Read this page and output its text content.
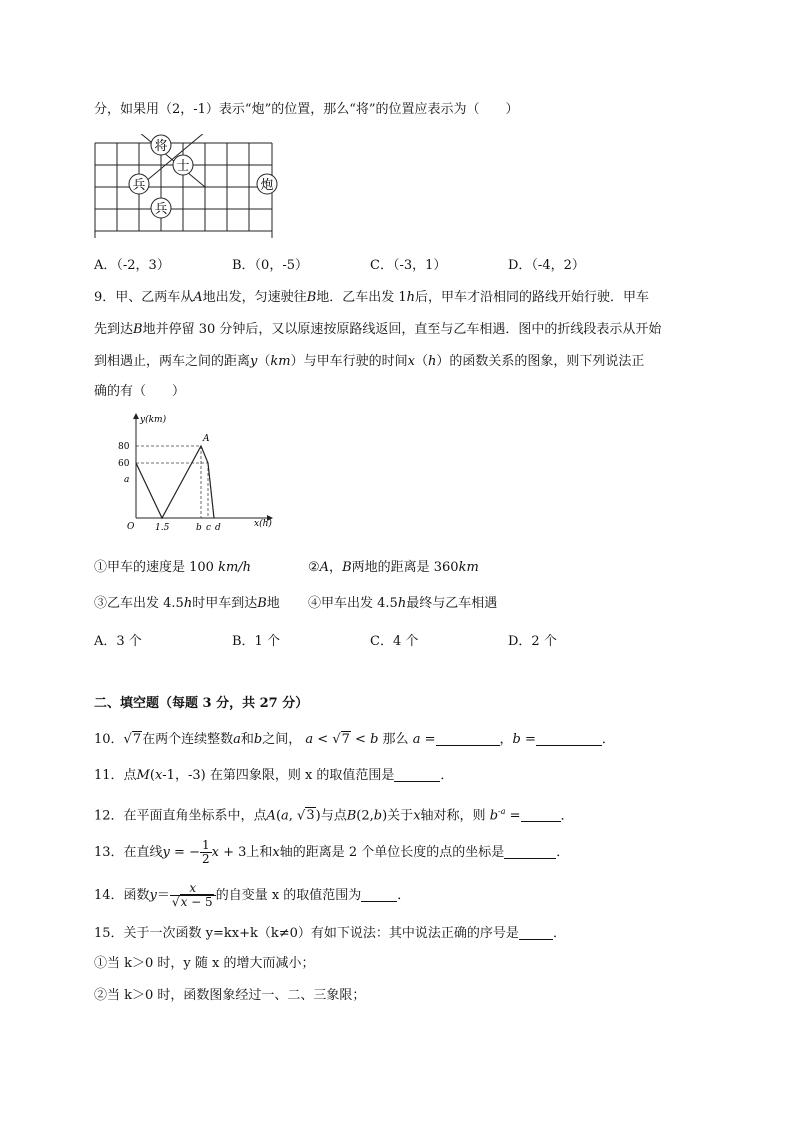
分，如果用（2，-1）表示“炮”的位置，那么“将”的位置应表示为（　　）
将
士
兵
兵
炮
A．（-2，3）	B．（0，-5）	C．（-3，1）	D．（-4，2）
9．甲、乙两车从A地出发，匀速驶往B地．乙车出发 1h后，甲车才沿相同的路线开始行驶．甲车
先到达B地并停留 30 分钟后，又以原速按原路线返回，直至与乙车相遇．图中的折线段表示从开始
到相遇止，两车之间的距离y（km）与甲车行驶的时间x（h）的函数关系的图象，则下列说法正
确的有（　　）
y(km)
x(h)
O
80
60
a
1.5	b c d
A
①甲车的速度是 100 km/h	②A，B两地的距离是 360km
③乙车出发 4.5h时甲车到达B地 ④甲车出发 4.5h最终与乙车相遇
A．3 个	B．1 个	C．4 个	D．2 个
二、填空题（每题 3 分，共 27 分）
10．√7在两个连续整数a和b之间， a < √7 < b 那么 a =	，b =	．
11．点M(x-1，-3) 在第四象限，则 x 的取值范围是	．
12．在平面直角坐标系中，点A(a, √3)与点B(2,b)关于x轴对称，则 $b^{-a}$ =	．
13．在直线y = − $\frac{1}{2}$ x + 3上和x轴的距离是 2 个单位长度的点的坐标是	．
14．函数$y= \frac{x}{√x - 5}$ 的自变量 x 的取值范围为	．
15．关于一次函数 y=kx+k（k≠0）有如下说法：其中说法正确的序号是	．
①当 k＞0 时，y 随 x 的增大而减小；
②当 k＞0 时，函数图象经过一、二、三象限；
